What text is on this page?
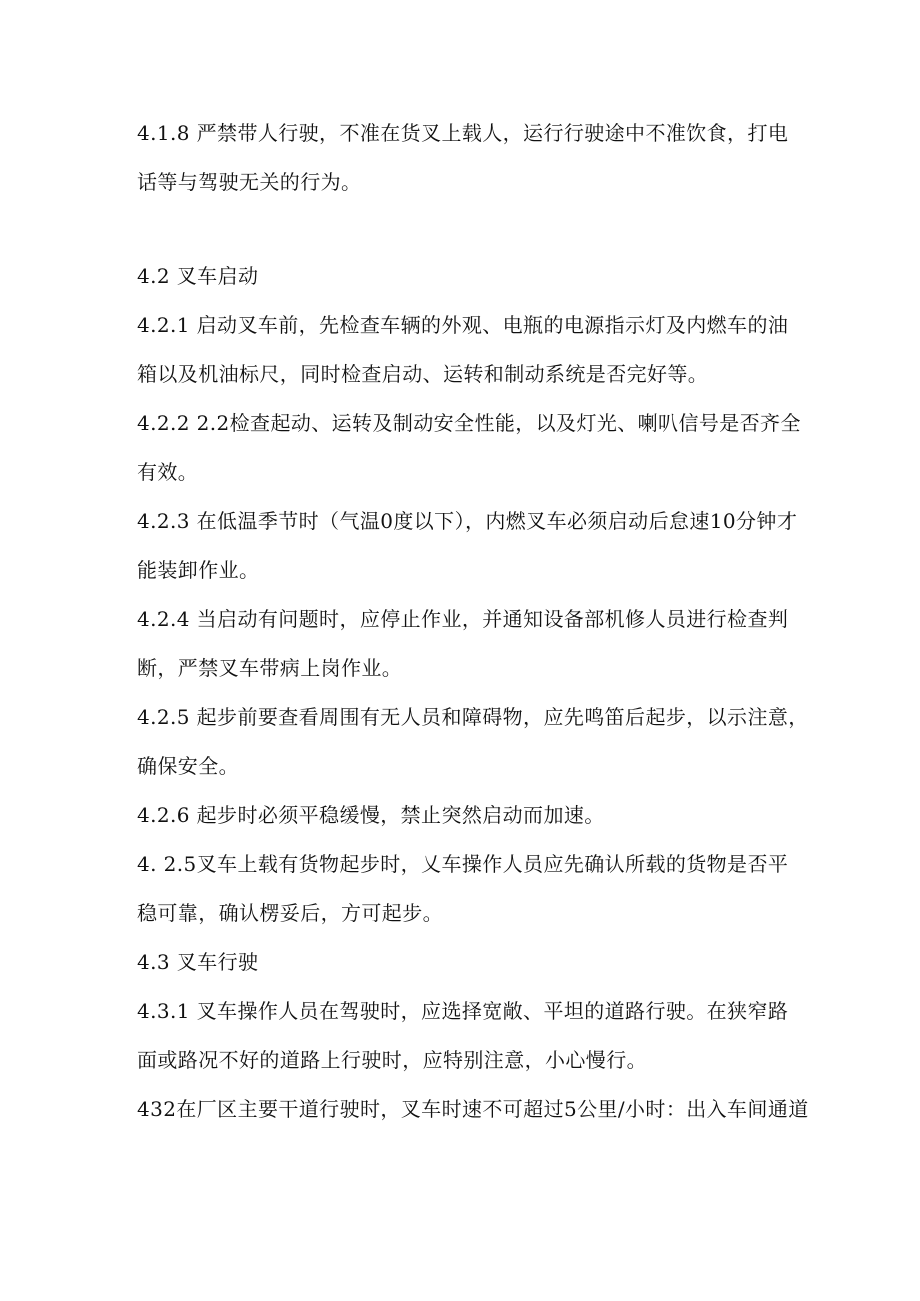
4.1.8 严禁带人行驶，不准在货叉上载人，运行行驶途中不准饮食，打电
话等与驾驶无关的行为。
4.2 叉车启动
4.2.1 启动叉车前，先检查车辆的外观、电瓶的电源指示灯及内燃车的油
箱以及机油标尺，同时检查启动、运转和制动系统是否完好等。
4.2.2 2.2检查起动、运转及制动安全性能，以及灯光、喇叭信号是否齐全
有效。
4.2.3 在低温季节时（气温0度以下），内燃叉车必须启动后怠速10分钟才
能装卸作业。
4.2.4 当启动有问题时，应停止作业，并通知设备部机修人员进行检查判
断，严禁叉车带病上岗作业。
4.2.5 起步前要查看周围有无人员和障碍物，应先鸣笛后起步，以示注意，
确保安全。
4.2.6 起步时必须平稳缓慢，禁止突然启动而加速。
4. 2.5叉车上载有货物起步时，乂车操作人员应先确认所载的货物是否平
稳可靠，确认楞妥后，方可起步。
4.3 叉车行驶
4.3.1 叉车操作人员在驾驶时，应选择宽敞、平坦的道路行驶。在狭窄路
面或路况不好的道路上行驶时，应特别注意，小心慢行。
432在厂区主要干道行驶时，叉车时速不可超过5公里/小时：出入车间通道
